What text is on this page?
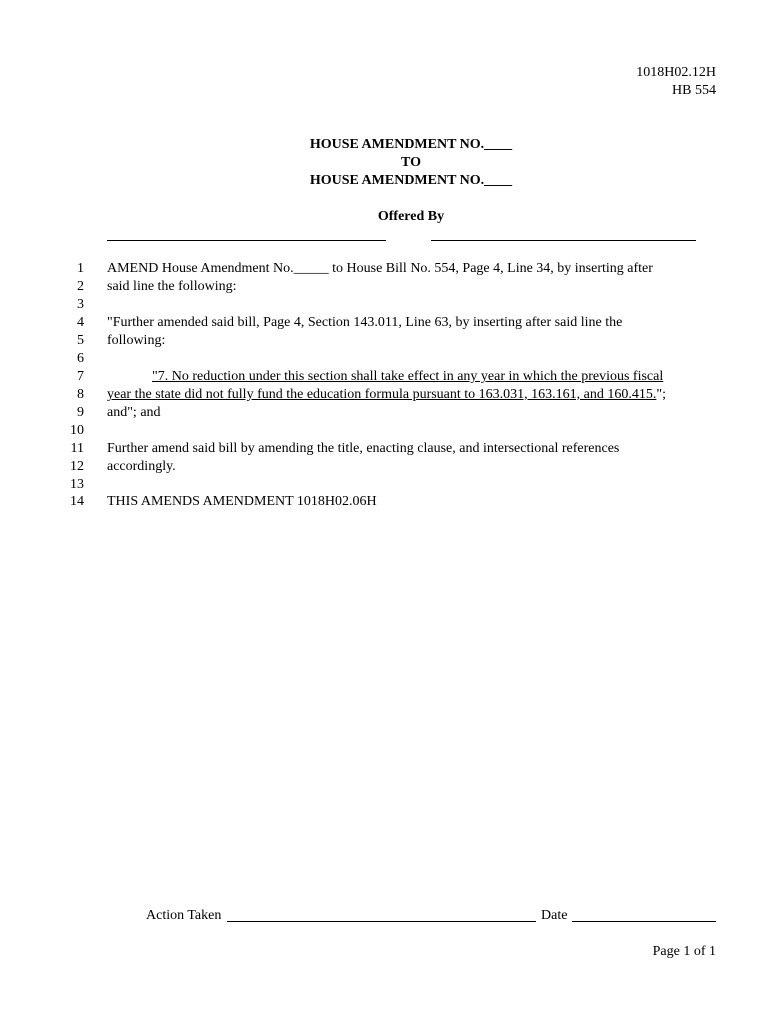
1018H02.12H
HB 554
HOUSE AMENDMENT NO.____
TO
HOUSE AMENDMENT NO.____
Offered By
1 AMEND House Amendment No._____ to House Bill No. 554, Page 4, Line 34, by inserting after
2 said line the following:
3
4 "Further amended said bill, Page 4, Section 143.011, Line 63, by inserting after said line the
5 following:
6
7	"7. No reduction under this section shall take effect in any year in which the previous fiscal
8 year the state did not fully fund the education formula pursuant to 163.031, 163.161, and 160.415.";
9 and"; and
10
11 Further amend said bill by amending the title, enacting clause, and intersectional references
12 accordingly.
13
14 THIS AMENDS AMENDMENT 1018H02.06H
Action Taken	Date
Page 1 of 1
